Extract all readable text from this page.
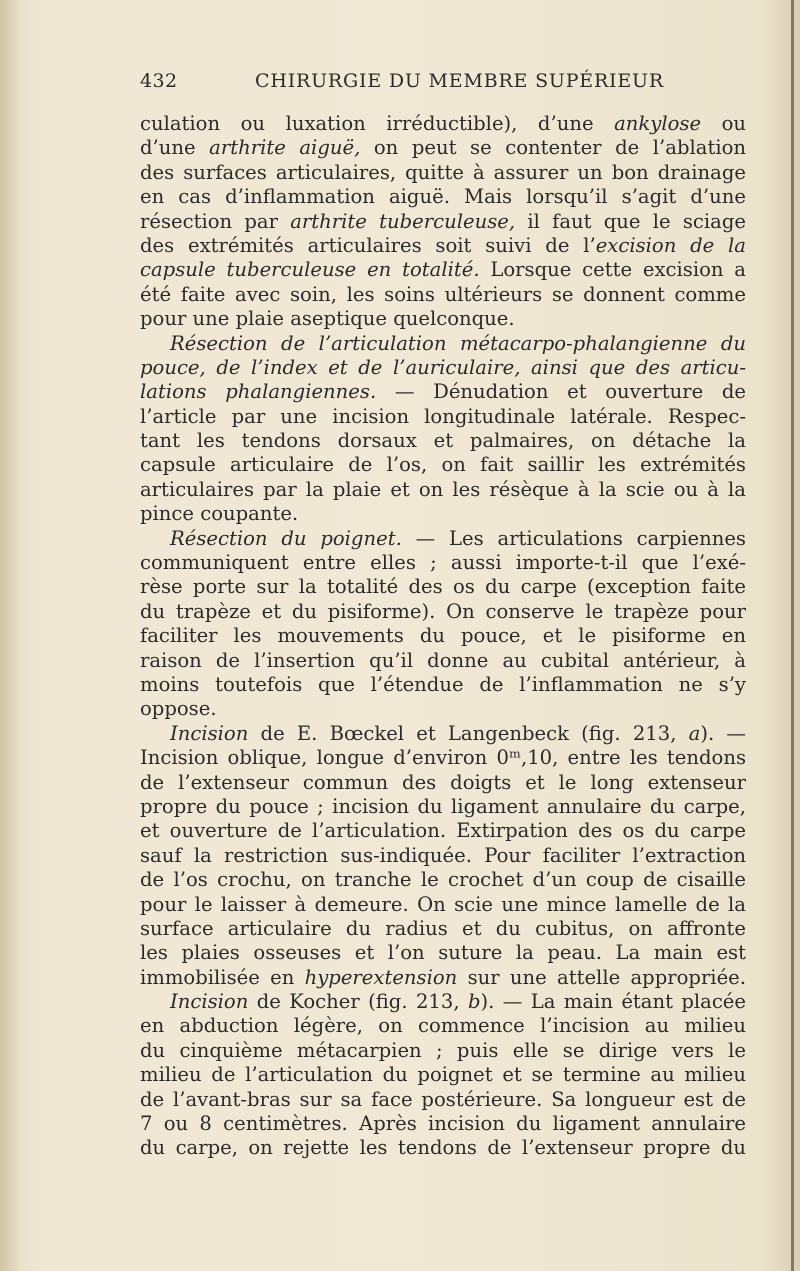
432	CHIRURGIE DU MEMBRE SUPÉRIEUR
culation ou luxation irréductible), d’une ankylose ou
d’une arthrite aiguë, on peut se contenter de l’ablation
des surfaces articulaires, quitte à assurer un bon drainage
en cas d’inflammation aiguë. Mais lorsqu’il s’agit d’une
résection par arthrite tuberculeuse, il faut que le sciage
des extrémités articulaires soit suivi de l’excision de la
capsule tuberculeuse en totalité. Lorsque cette excision a
été faite avec soin, les soins ultérieurs se donnent comme
pour une plaie aseptique quelconque.
Résection de l’articulation métacarpo-phalangienne du
pouce, de l’index et de l’auriculaire, ainsi que des articu-
lations phalangiennes. — Dénudation et ouverture de
l’article par une incision longitudinale latérale. Respec-
tant les tendons dorsaux et palmaires, on détache la
capsule articulaire de l’os, on fait saillir les extrémités
articulaires par la plaie et on les résèque à la scie ou à la
pince coupante.
Résection du poignet. — Les articulations carpiennes
communiquent entre elles ; aussi importe-t-il que l’exé-
rèse porte sur la totalité des os du carpe (exception faite
du trapèze et du pisiforme). On conserve le trapèze pour
faciliter les mouvements du pouce, et le pisiforme en
raison de l’insertion qu’il donne au cubital antérieur, à
moins toutefois que l’étendue de l’inflammation ne s’y
oppose.
Incision de E. Bœckel et Langenbeck (fig. 213, a). —
Incision oblique, longue d’environ 0ᵐ,10, entre les tendons
de l’extenseur commun des doigts et le long extenseur
propre du pouce ; incision du ligament annulaire du carpe,
et ouverture de l’articulation. Extirpation des os du carpe
sauf la restriction sus-indiquée. Pour faciliter l’extraction
de l’os crochu, on tranche le crochet d’un coup de cisaille
pour le laisser à demeure. On scie une mince lamelle de la
surface articulaire du radius et du cubitus, on affronte
les plaies osseuses et l’on suture la peau. La main est
immobilisée en hyperextension sur une attelle appropriée.
Incision de Kocher (fig. 213, b). — La main étant placée
en abduction légère, on commence l’incision au milieu
du cinquième métacarpien ; puis elle se dirige vers le
milieu de l’articulation du poignet et se termine au milieu
de l’avant-bras sur sa face postérieure. Sa longueur est de
7 ou 8 centimètres. Après incision du ligament annulaire
du carpe, on rejette les tendons de l’extenseur propre du
